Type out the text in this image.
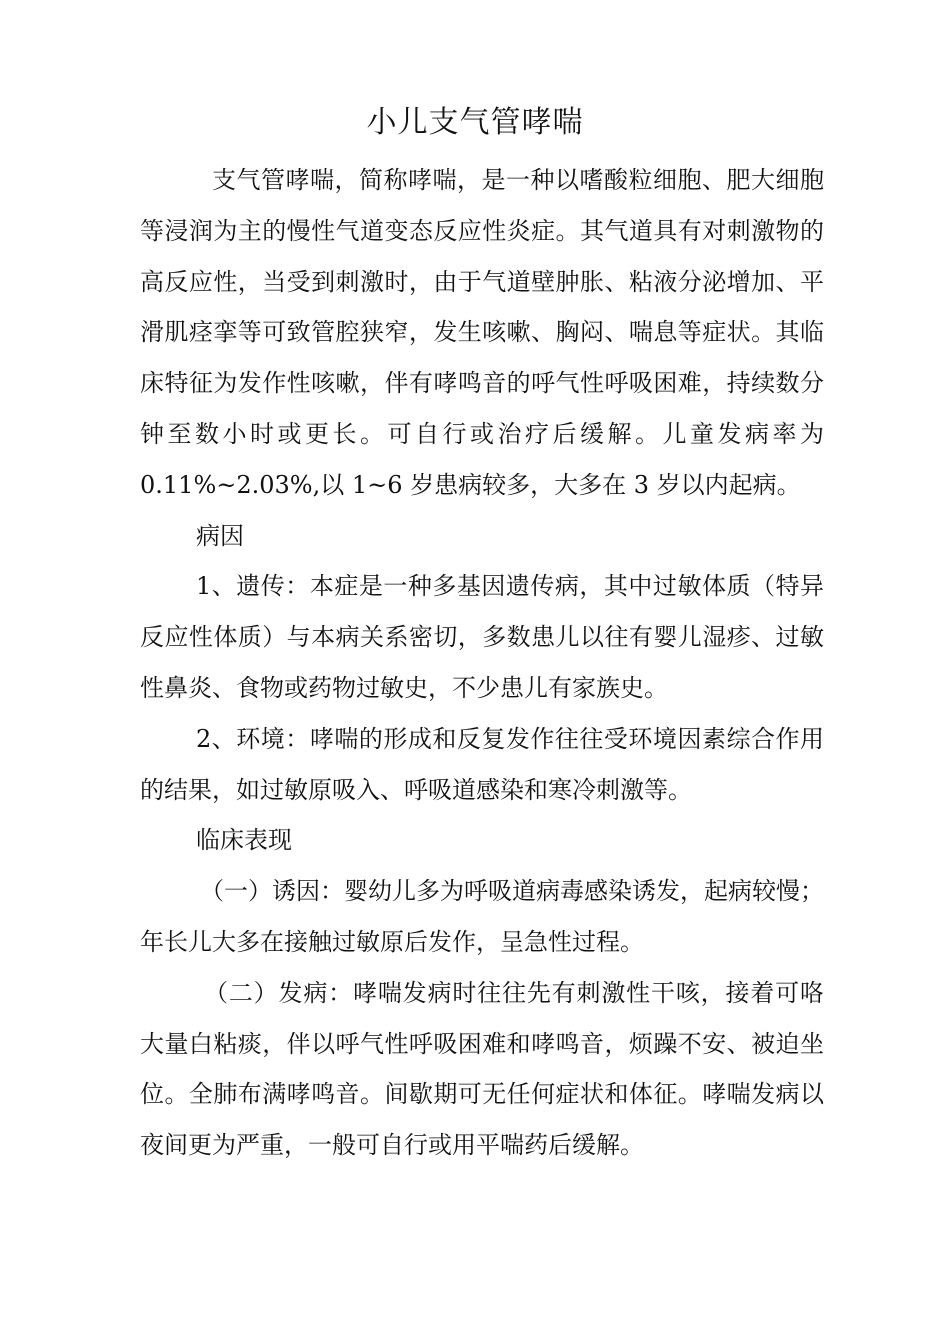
小儿支气管哮喘

支气管哮喘，简称哮喘，是一种以嗜酸粒细胞、肥大细胞等浸润为主的慢性气道变态反应性炎症。其气道具有对刺激物的高反应性，当受到刺激时，由于气道壁肿胀、粘液分泌增加、平滑肌痉挛等可致管腔狭窄，发生咳嗽、胸闷、喘息等症状。其临床特征为发作性咳嗽，伴有哮鸣音的呼气性呼吸困难，持续数分钟至数小时或更长。可自行或治疗后缓解。儿童发病率为 0.11%~2.03%,以 1~6 岁患病较多，大多在 3 岁以内起病。

病因

1、遗传：本症是一种多基因遗传病，其中过敏体质（特异反应性体质）与本病关系密切，多数患儿以往有婴儿湿疹、过敏性鼻炎、食物或药物过敏史，不少患儿有家族史。

2、环境：哮喘的形成和反复发作往往受环境因素综合作用的结果，如过敏原吸入、呼吸道感染和寒冷刺激等。

临床表现

（一）诱因：婴幼儿多为呼吸道病毒感染诱发，起病较慢；年长儿大多在接触过敏原后发作，呈急性过程。

（二）发病：哮喘发病时往往先有刺激性干咳，接着可咯大量白粘痰，伴以呼气性呼吸困难和哮鸣音，烦躁不安、被迫坐位。全肺布满哮鸣音。间歇期可无任何症状和体征。哮喘发病以夜间更为严重，一般可自行或用平喘药后缓解。
